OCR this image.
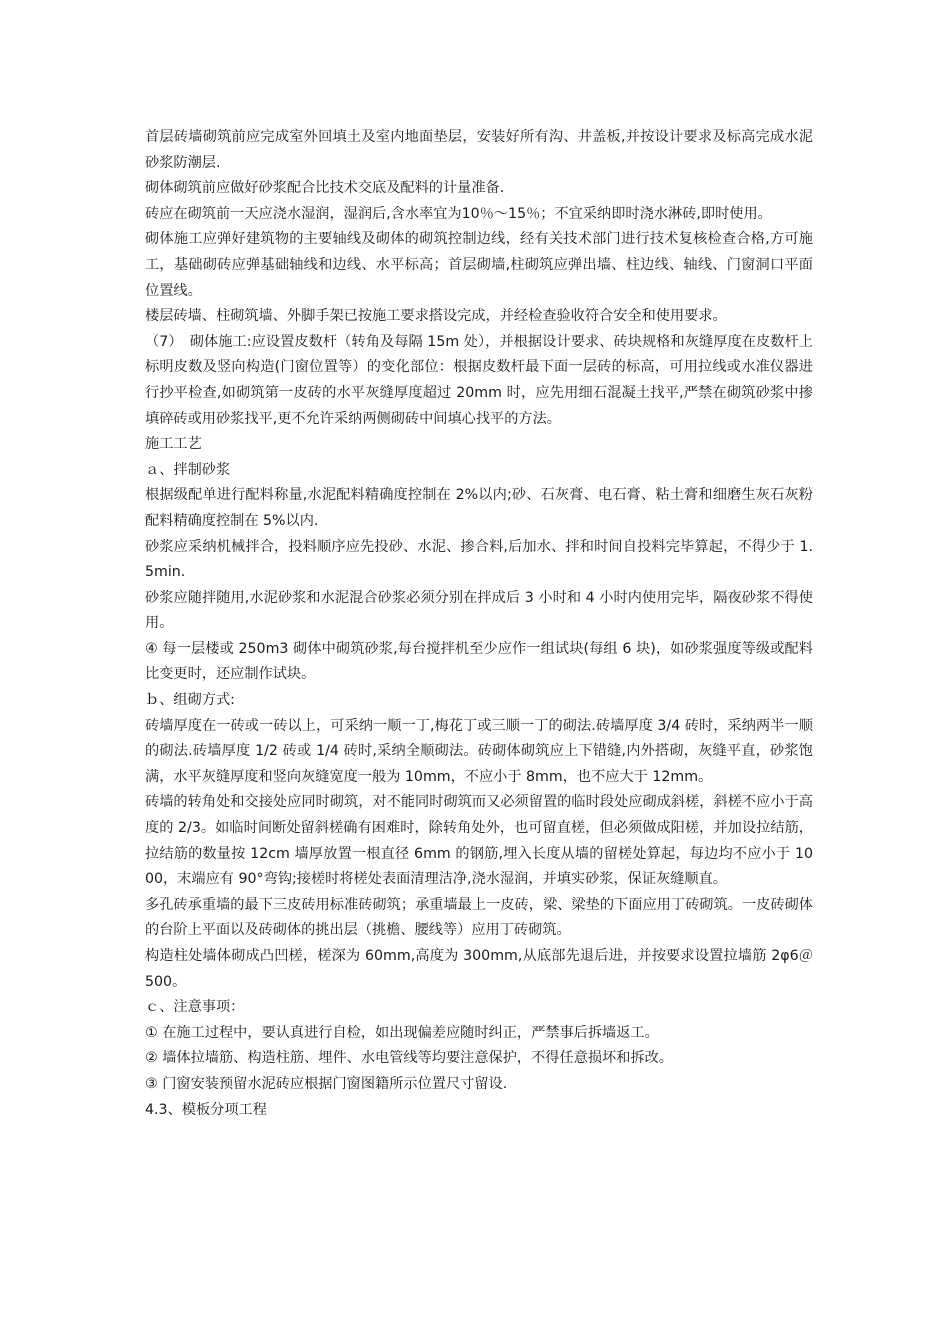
首层砖墙砌筑前应完成室外回填土及室内地面垫层，安装好所有沟、井盖板,并按设计要求及标高完成水泥砂浆防潮层.

砌体砌筑前应做好砂浆配合比技术交底及配料的计量准备.

砖应在砌筑前一天应浇水湿润，湿润后,含水率宜为10％～15％；不宜采纳即时浇水淋砖,即时使用。

砌体施工应弹好建筑物的主要轴线及砌体的砌筑控制边线，经有关技术部门进行技术复核检查合格,方可施工，基础砌砖应弹基础轴线和边线、水平标高；首层砌墙,柱砌筑应弹出墙、柱边线、轴线、门窗洞口平面位置线。

楼层砖墙、柱砌筑墙、外脚手架已按施工要求搭设完成，并经检查验收符合安全和使用要求。

（7）　砌体施工:应设置皮数杆（转角及每隔 15m 处），并根据设计要求、砖块规格和灰缝厚度在皮数杆上标明皮数及竖向构造(门窗位置等）的变化部位：根据皮数杆最下面一层砖的标高，可用拉线或水准仪器进行抄平检查,如砌筑第一皮砖的水平灰缝厚度超过 20mm 时，应先用细石混凝土找平,严禁在砌筑砂浆中掺填碎砖或用砂浆找平,更不允许采纳两侧砌砖中间填心找平的方法。

施工工艺

ａ、拌制砂浆

根据级配单进行配料称量,水泥配料精确度控制在 2%以内;砂、石灰膏、电石膏、粘土膏和细磨生灰石灰粉配料精确度控制在 5%以内.

砂浆应采纳机械拌合，投料顺序应先投砂、水泥、掺合料,后加水、拌和时间自投料完毕算起，不得少于 1.5min.

砂浆应随拌随用,水泥砂浆和水泥混合砂浆必须分别在拌成后 3 小时和 4 小时内使用完毕，隔夜砂浆不得使用。

④ 每一层楼或 250m3 砌体中砌筑砂浆,每台搅拌机至少应作一组试块(每组 6 块)，如砂浆强度等级或配料比变更时，还应制作试块。

ｂ、组砌方式:

砖墙厚度在一砖或一砖以上，可采纳一顺一丁,梅花丁或三顺一丁的砌法.砖墙厚度 3/4 砖时，采纳两半一顺的砌法.砖墙厚度 1/2 砖或 1/4 砖时,采纳全顺砌法。砖砌体砌筑应上下错缝,内外搭砌，灰缝平直，砂浆饱满，水平灰缝厚度和竖向灰缝宽度一般为 10mm，不应小于 8mm，也不应大于 12mm。

砖墙的转角处和交接处应同时砌筑，对不能同时砌筑而又必须留置的临时段处应砌成斜槎，斜槎不应小于高度的 2/3。如临时间断处留斜槎确有困难时，除转角处外，也可留直槎，但必须做成阳槎，并加设拉结筋，拉结筋的数量按 12cm 墙厚放置一根直径 6mm 的钢筋,埋入长度从墙的留槎处算起，每边均不应小于 1000，末端应有 90°弯钩;接槎时将槎处表面清理洁净,浇水湿润，并填实砂浆，保证灰缝顺直。

多孔砖承重墙的最下三皮砖用标准砖砌筑；承重墙最上一皮砖，梁、梁垫的下面应用丁砖砌筑。一皮砖砌体的台阶上平面以及砖砌体的挑出层（挑檐、腰线等）应用丁砖砌筑。

构造柱处墙体砌成凸凹槎，槎深为 60mm,高度为 300mm,从底部先退后进，并按要求设置拉墙筋 2φ6＠500。

ｃ、注意事项：

① 在施工过程中，要认真进行自检，如出现偏差应随时纠正，严禁事后拆墙返工。

② 墙体拉墙筋、构造柱筋、埋件、水电管线等均要注意保护，不得任意损坏和拆改。

③ 门窗安装预留水泥砖应根据门窗图籍所示位置尺寸留设.

4.3、模板分项工程
